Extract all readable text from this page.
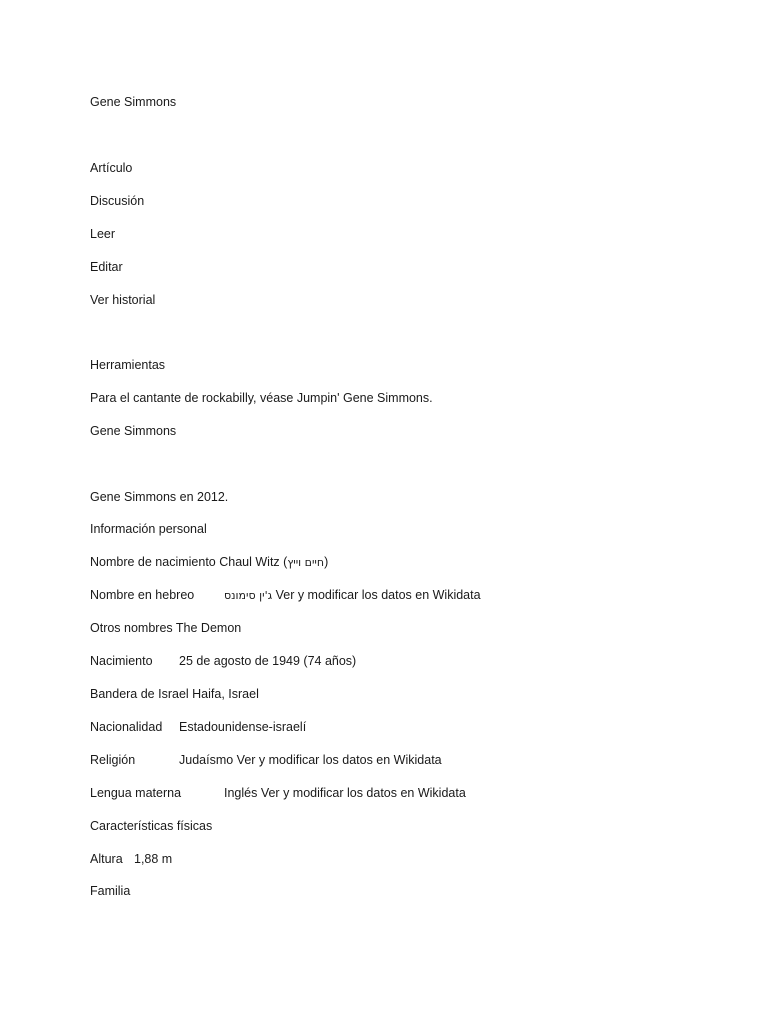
Gene Simmons
Artículo
Discusión
Leer
Editar
Ver historial
Herramientas
Para el cantante de rockabilly, véase Jumpin' Gene Simmons.
Gene Simmons
Gene Simmons en 2012.
Información personal
Nombre de nacimiento Chaul Witz (חיים וייץ)
Nombre en hebreo	ג'ין סימונס Ver y modificar los datos en Wikidata
Otros nombres The Demon
Nacimiento 25 de agosto de 1949 (74 años)
Bandera de Israel Haifa, Israel
Nacionalidad Estadounidense-israelí
Religión	Judaísmo Ver y modificar los datos en Wikidata
Lengua materna	Inglés Ver y modificar los datos en Wikidata
Características físicas
Altura 1,88 m
Familia
